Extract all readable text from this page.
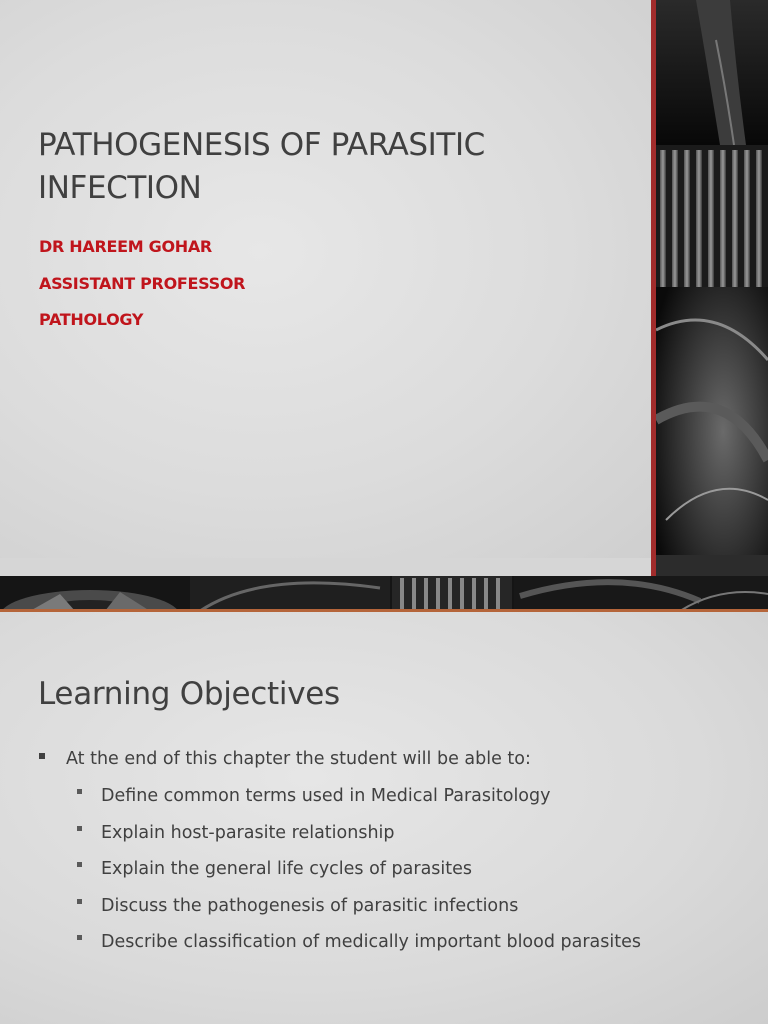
PATHOGENESIS OF PARASITIC INFECTION
DR HAREEM GOHAR
ASSISTANT PROFESSOR
PATHOLOGY
Learning Objectives
At the end of this chapter the student will be able to:
Define common terms used in Medical Parasitology
Explain host-parasite relationship
Explain the general life cycles of parasites
Discuss the pathogenesis of parasitic infections
Describe classification of medically important blood parasites
